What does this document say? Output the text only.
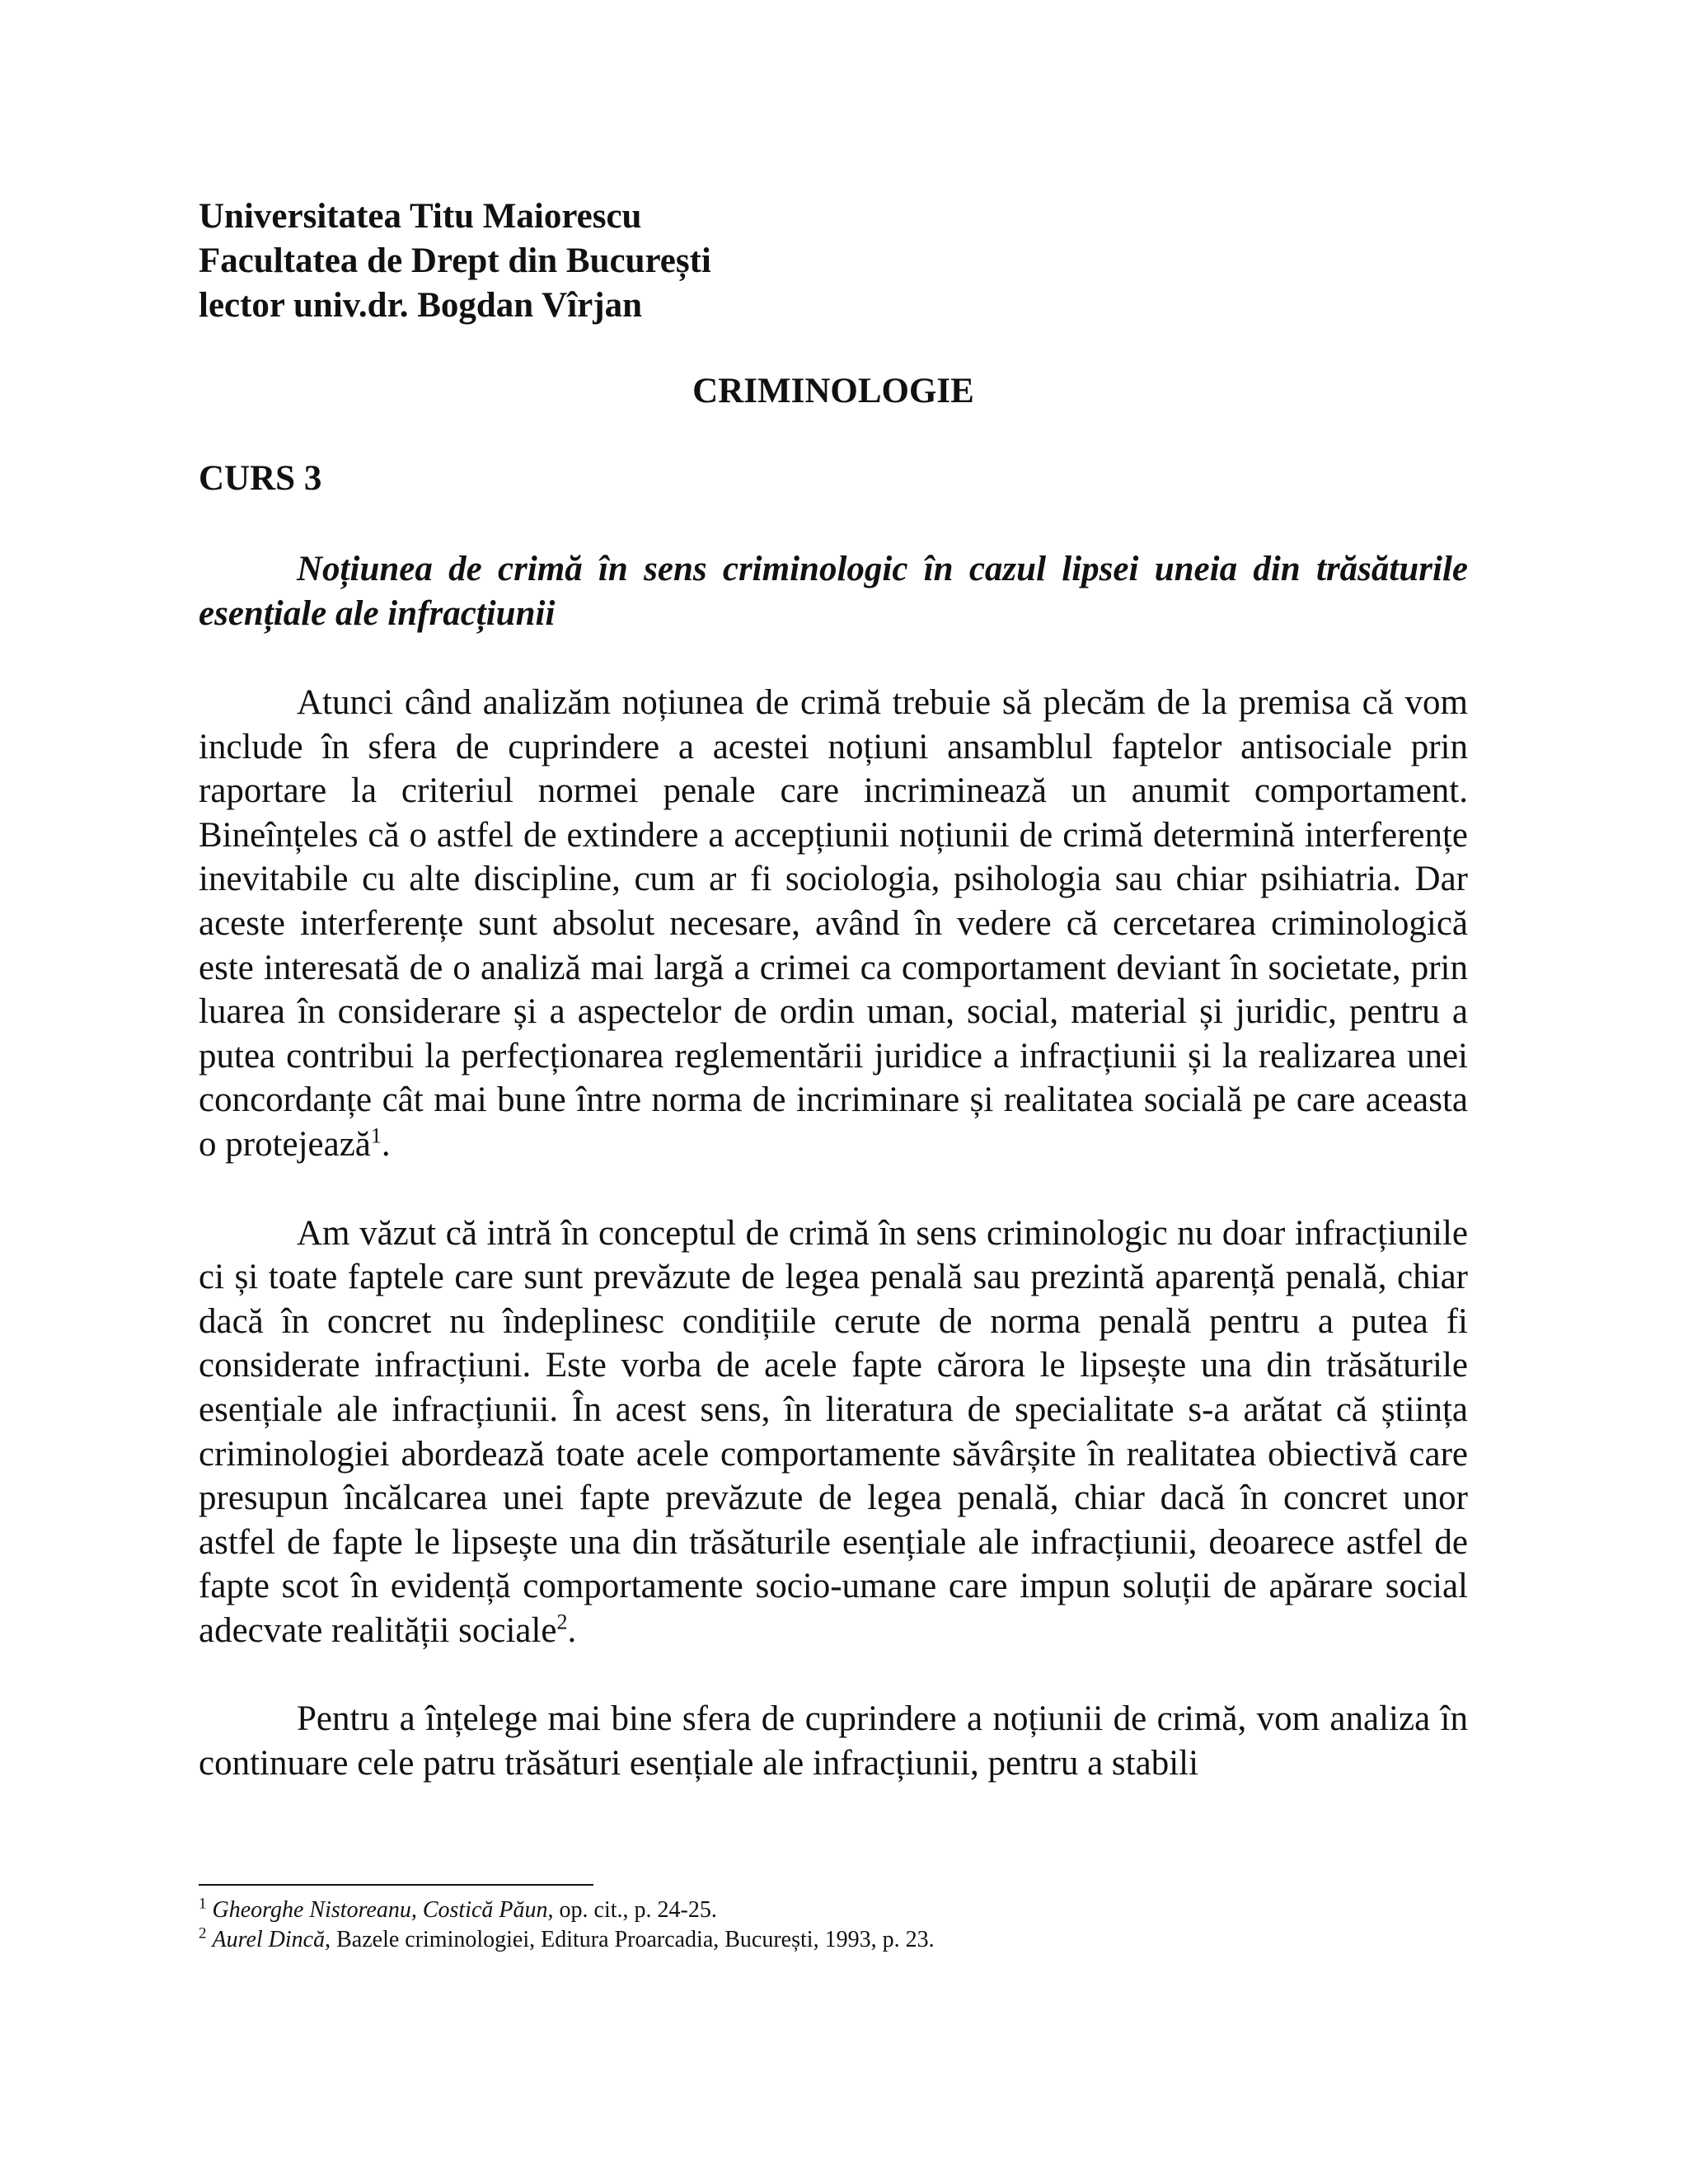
Universitatea Titu Maiorescu

Facultatea de Drept din București

lector univ.dr. Bogdan Vîrjan

CRIMINOLOGIE

CURS 3

Noțiunea de crimă în sens criminologic în cazul lipsei uneia din trăsăturile esențiale ale infracțiunii

Atunci când analizăm noțiunea de crimă trebuie să plecăm de la premisa că vom include în sfera de cuprindere a acestei noțiuni ansamblul faptelor antisociale prin raportare la criteriul normei penale care incriminează un anumit comportament. Bineînțeles că o astfel de extindere a accepțiunii noțiunii de crimă determină interferențe inevitabile cu alte discipline, cum ar fi sociologia, psihologia sau chiar psihiatria. Dar aceste interferențe sunt absolut necesare, având în vedere că cercetarea criminologică este interesată de o analiză mai largă a crimei ca comportament deviant în societate, prin luarea în considerare și a aspectelor de ordin uman, social, material și juridic, pentru a putea contribui la perfecționarea reglementării juridice a infracțiunii și la realizarea unei concordanțe cât mai bune între norma de incriminare și realitatea socială pe care aceasta o protejează$^1$.

Am văzut că intră în conceptul de crimă în sens criminologic nu doar infracțiunile ci și toate faptele care sunt prevăzute de legea penală sau prezintă aparență penală, chiar dacă în concret nu îndeplinesc condițiile cerute de norma penală pentru a putea fi considerate infracțiuni. Este vorba de acele fapte cărora le lipsește una din trăsăturile esențiale ale infracțiunii. În acest sens, în literatura de specialitate s-a arătat că știința criminologiei abordează toate acele comportamente săvârșite în realitatea obiectivă care presupun încălcarea unei fapte prevăzute de legea penală, chiar dacă în concret unor astfel de fapte le lipsește una din trăsăturile esențiale ale infracțiunii, deoarece astfel de fapte scot în evidență comportamente socio-umane care impun soluții de apărare social adecvate realității sociale$^2$.

Pentru a înțelege mai bine sfera de cuprindere a noțiunii de crimă, vom analiza în continuare cele patru trăsături esențiale ale infracțiunii, pentru a stabili

$^1$ Gheorghe Nistoreanu, Costică Păun, op. cit., p. 24-25.

$^2$ Aurel Dincă, Bazele criminologiei, Editura Proarcadia, București, 1993, p. 23.
